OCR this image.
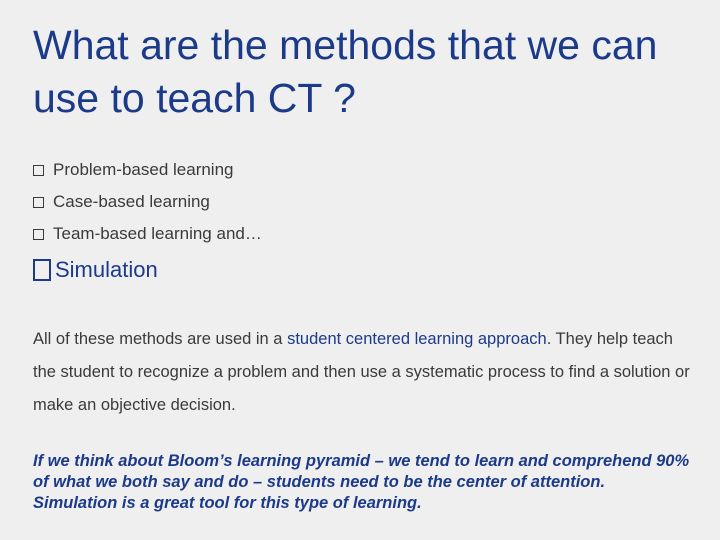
What are the methods that we can use to teach CT ?
Problem-based learning
Case-based learning
Team-based learning and…
Simulation

All of these methods are used in a student centered learning approach. They help teach the student to recognize a problem and then use a systematic process to find a solution or make an objective decision.

If we think about Bloom’s learning pyramid – we tend to learn and comprehend 90% of what we both say and do – students need to be the center of attention. Simulation is a great tool for this type of learning.
